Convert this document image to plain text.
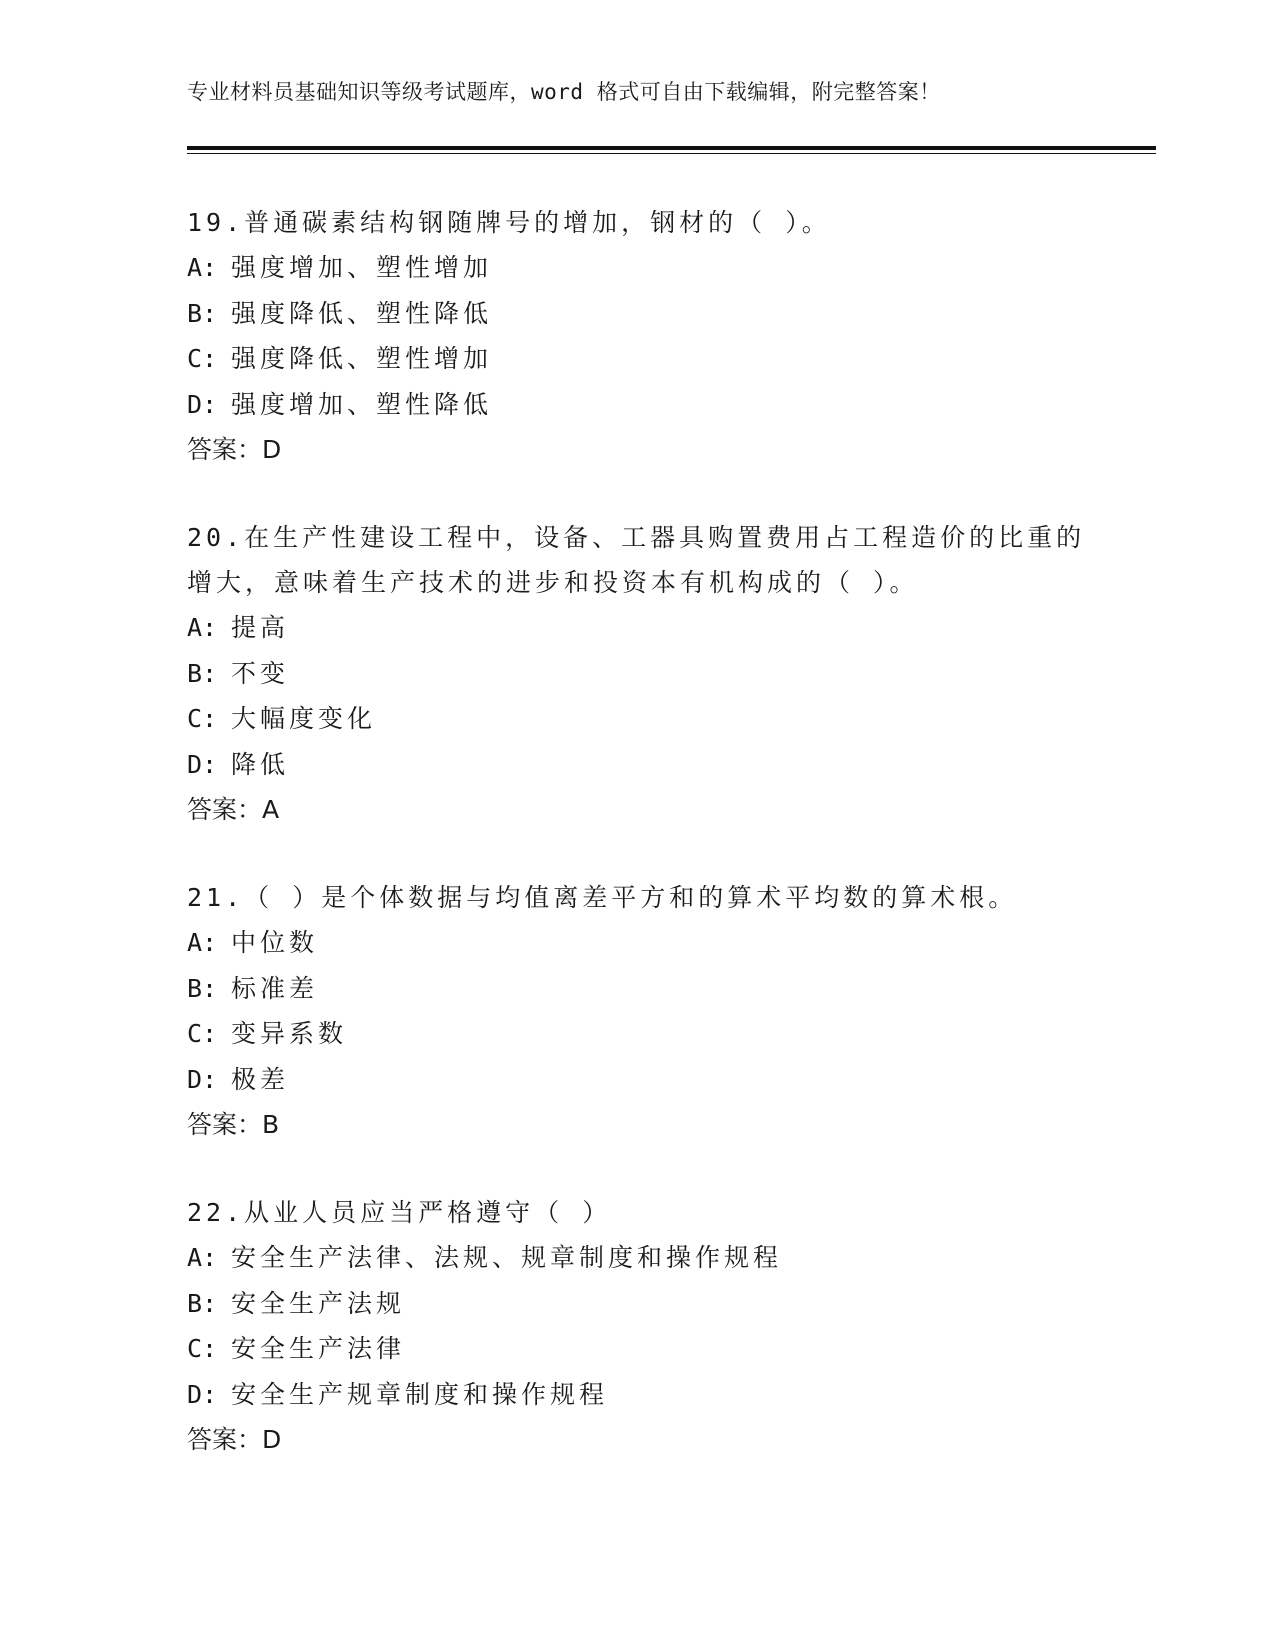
专业材料员基础知识等级考试题库，word 格式可自由下载编辑，附完整答案！
19.普通碳素结构钢随牌号的增加，钢材的（ ）。
A: 强度增加、塑性增加
B: 强度降低、塑性降低
C: 强度降低、塑性增加
D: 强度增加、塑性降低
答案：D
20.在生产性建设工程中，设备、工器具购置费用占工程造价的比重的
增大，意味着生产技术的进步和投资本有机构成的（ ）。
A: 提高
B: 不变
C: 大幅度变化
D: 降低
答案：A
21.（ ）是个体数据与均值离差平方和的算术平均数的算术根。
A: 中位数
B: 标准差
C: 变异系数
D: 极差
答案：B
22.从业人员应当严格遵守（ ）
A: 安全生产法律、法规、规章制度和操作规程
B: 安全生产法规
C: 安全生产法律
D: 安全生产规章制度和操作规程
答案：D
